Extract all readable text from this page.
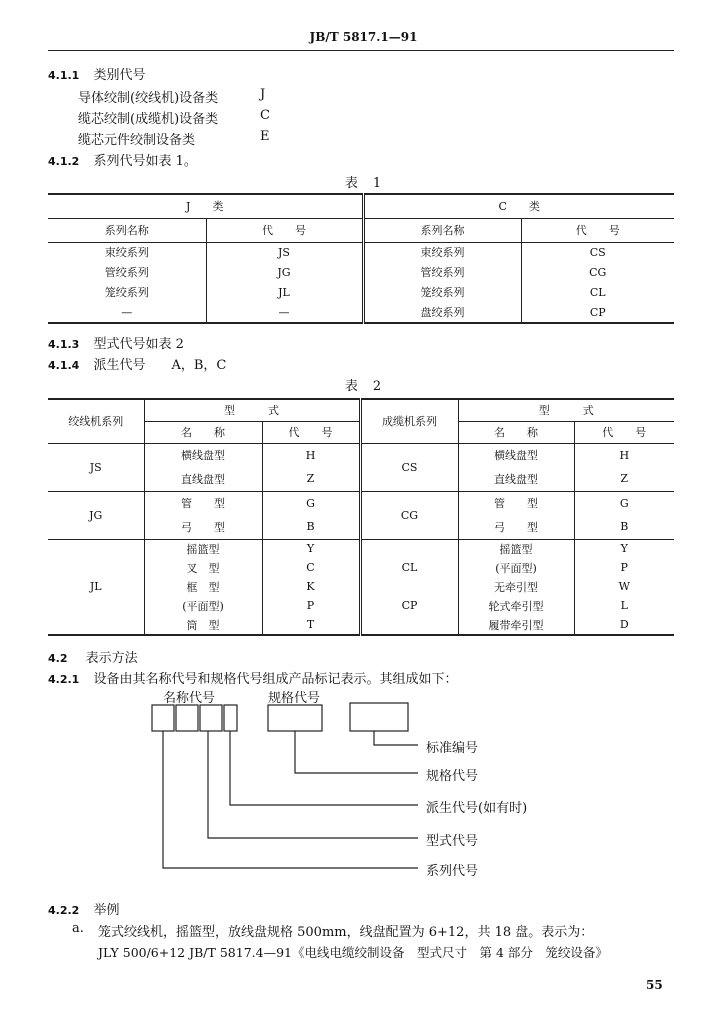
JB/T 5817.1—91
4.1.1 类别代号
导体绞制(绞线机)设备类	J
缆芯绞制(成缆机)设备类	C
缆芯元件绞制设备类	E
4.1.2 系列代号如表 1。
表　1
J　　类		C　　类	
系列名称	代　　号	系列名称	代　　号
束绞系列	JS	束绞系列	CS
管绞系列	JG	管绞系列	CG
笼绞系列	JL	笼绞系列	CL
—	—	盘绞系列	CP
4.1.3 型式代号如表 2
4.1.4 派生代号　　A，B，C
表　2
绞线机系列	型　　　式		成缆机系列	型　　　式	
	名　　称	代　　号		名　　称	代　　号
JS	横线盘型	H	CS	横线盘型	H
	直线盘型	Z		直线盘型	Z
JG	管　　型	G	CG	管　　型	G
	弓　　型	B		弓　　型	B
JL	摇篮型	Y		摇篮型	Y
	叉　型	C	CL	(平面型)	P
	框　型	K		无牵引型	W
	(平面型)	P	CP	轮式牵引型	L
	筒　型	T		履带牵引型	D
4.2 表示方法
4.2.1 设备由其名称代号和规格代号组成产品标记表示。其组成如下：
名称代号	规格代号
标准编号
规格代号
派生代号(如有时)
型式代号
系列代号
4.2.2 举例
a. 笼式绞线机，摇篮型，放线盘规格 500mm，线盘配置为 6+12，共 18 盘。表示为：
JLY 500/6+12 JB/T 5817.4—91《电线电缆绞制设备　型式尺寸　第 4 部分　笼绞设备》
55
